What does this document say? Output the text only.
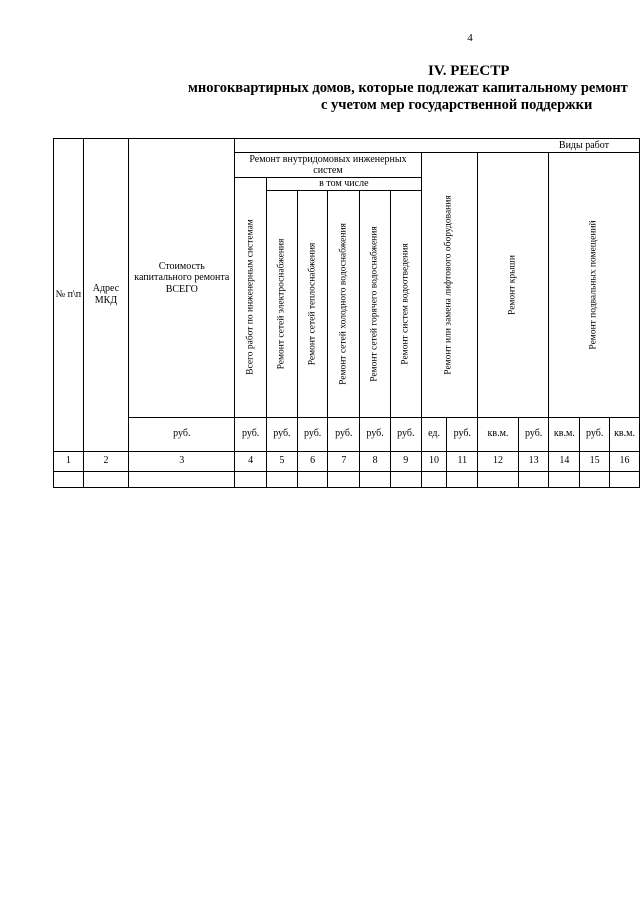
4
IV. РЕЕСТР
многоквартирных домов, которые подлежат капитальному ремонт
с учетом мер государственной поддержки
№ п\п	Адрес МКД	Стоимость капитального ремонта ВСЕГО	Виды работ												
			Ремонт внутридомовых инженерных систем						Ремонт или замена лифтового оборудования		Ремонт крыши		Ремонт подвальных помещений		

			Всего работ по инженерным системам	в том числе											

				Ремонт сетей электроснабжения	Ремонт сетей теплоснабжения	Ремонт сетей холодного водоснабжения	Ремонт сетей горячего водоснабжения	Ремонт систем водоотведения							

		руб.	руб.	руб.	руб.	руб.	руб.	руб.	ед.	руб.	кв.м.	руб.	кв.м.	руб.	кв.м.
1	2	3	4	5	6	7	8	9	10	11	12	13	14	15	16
